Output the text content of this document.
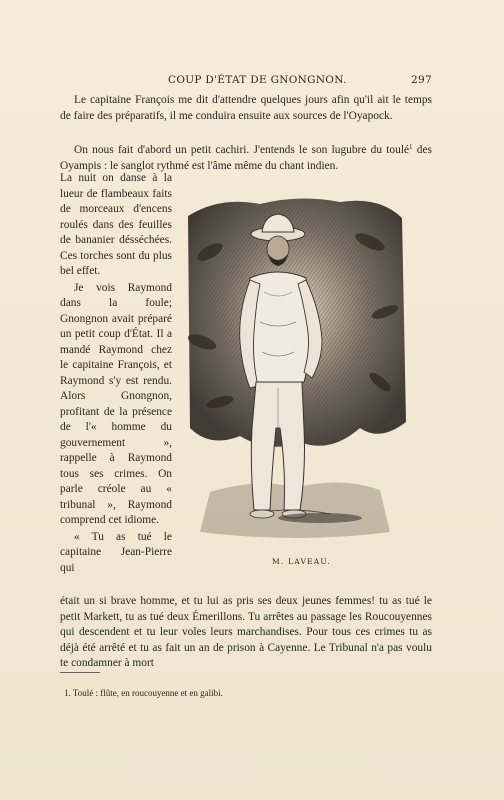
COUP D'ÉTAT DE GNONGNON.	297
Le capitaine François me dit d'attendre quelques jours afin qu'il ait le temps de faire des préparatifs, il me conduira ensuite aux sources de l'Oyapock.
On nous fait d'abord un petit cachiri. J'entends le son lugubre du toulé$^1$ des Oyampis : le sanglot rythmé est l'âme même du chant indien.

La nuit on danse à la lueur de flambeaux faits de morceaux d'encens roulés dans des feuilles de bananier désséchées. Ces torches sont du plus bel effet.

Je vois Raymond dans la foule; Gnongnon avait préparé un petit coup d'État. Il a mandé Raymond chez le capitaine François, et Raymond s'y est rendu. Alors Gnongnon, profitant de la présence de l'« homme du gouvernement », rappelle à Raymond tous ses crimes. On parle créole au « tribunal », Raymond comprend cet idiome.

« Tu as tué le capitaine Jean-Pierre qui	M. LAVEAU.
était un si brave homme, et tu lui as pris ses deux jeunes femmes! tu as tué le petit Markett, tu as tué deux Émerillons. Tu arrêtes au passage les Roucouyennes qui descendent et tu leur voles leurs marchandises. Pour tous ces crimes tu as déjà été arrêté et tu as fait un an de prison à Cayenne. Le Tribunal n'a pas voulu te condamner à mort
1. Toulé : flûte, en roucouyenne et en galibi.
